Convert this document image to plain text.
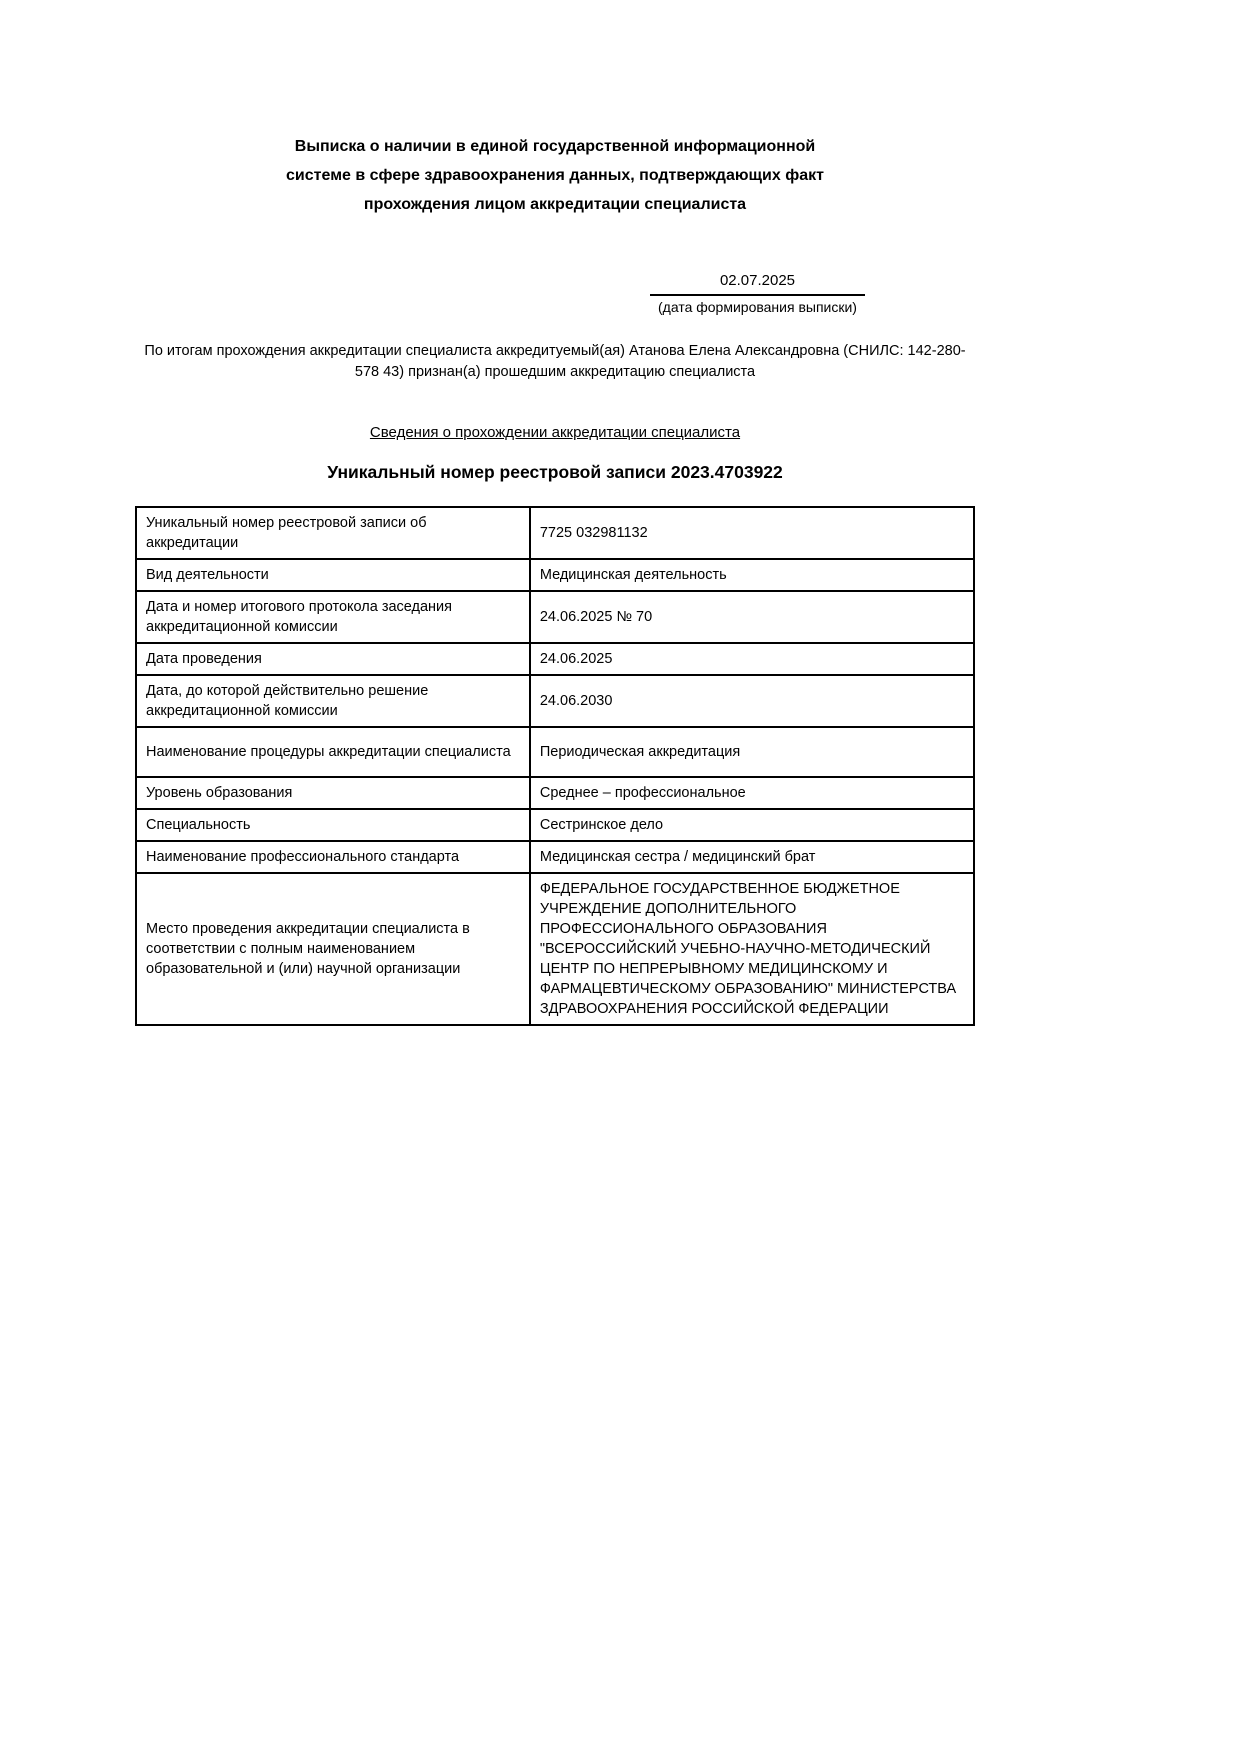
Выписка о наличии в единой государственной информационной системе в сфере здравоохранения данных, подтверждающих факт прохождения лицом аккредитации специалиста
02.07.2025
(дата формирования выписки)

По итогам прохождения аккредитации специалиста аккредитуемый(ая) Атанова Елена Александровна (СНИЛС: 142-280-578 43) признан(а) прошедшим аккредитацию специалиста

Сведения о прохождении аккредитации специалиста
Уникальный номер реестровой записи 2023.4703922
Уникальный номер реестровой записи об аккредитации	7725 032981132
Вид деятельности	Медицинская деятельность
Дата и номер итогового протокола заседания аккредитационной комиссии	24.06.2025 № 70
Дата проведения	24.06.2025
Дата, до которой действительно решение аккредитационной комиссии	24.06.2030
Наименование процедуры аккредитации специалиста	Периодическая аккредитация
Уровень образования	Среднее – профессиональное
Специальность	Сестринское дело
Наименование профессионального стандарта	Медицинская сестра / медицинский брат
Место проведения аккредитации специалиста в соответствии с полным наименованием образовательной и (или) научной организации	ФЕДЕРАЛЬНОЕ ГОСУДАРСТВЕННОЕ БЮДЖЕТНОЕ УЧРЕЖДЕНИЕ ДОПОЛНИТЕЛЬНОГО ПРОФЕССИОНАЛЬНОГО ОБРАЗОВАНИЯ "ВСЕРОССИЙСКИЙ УЧЕБНО-НАУЧНО-МЕТОДИЧЕСКИЙ ЦЕНТР ПО НЕПРЕРЫВНОМУ МЕДИЦИНСКОМУ И ФАРМАЦЕВТИЧЕСКОМУ ОБРАЗОВАНИЮ" МИНИСТЕРСТВА ЗДРАВООХРАНЕНИЯ РОССИЙСКОЙ ФЕДЕРАЦИИ
